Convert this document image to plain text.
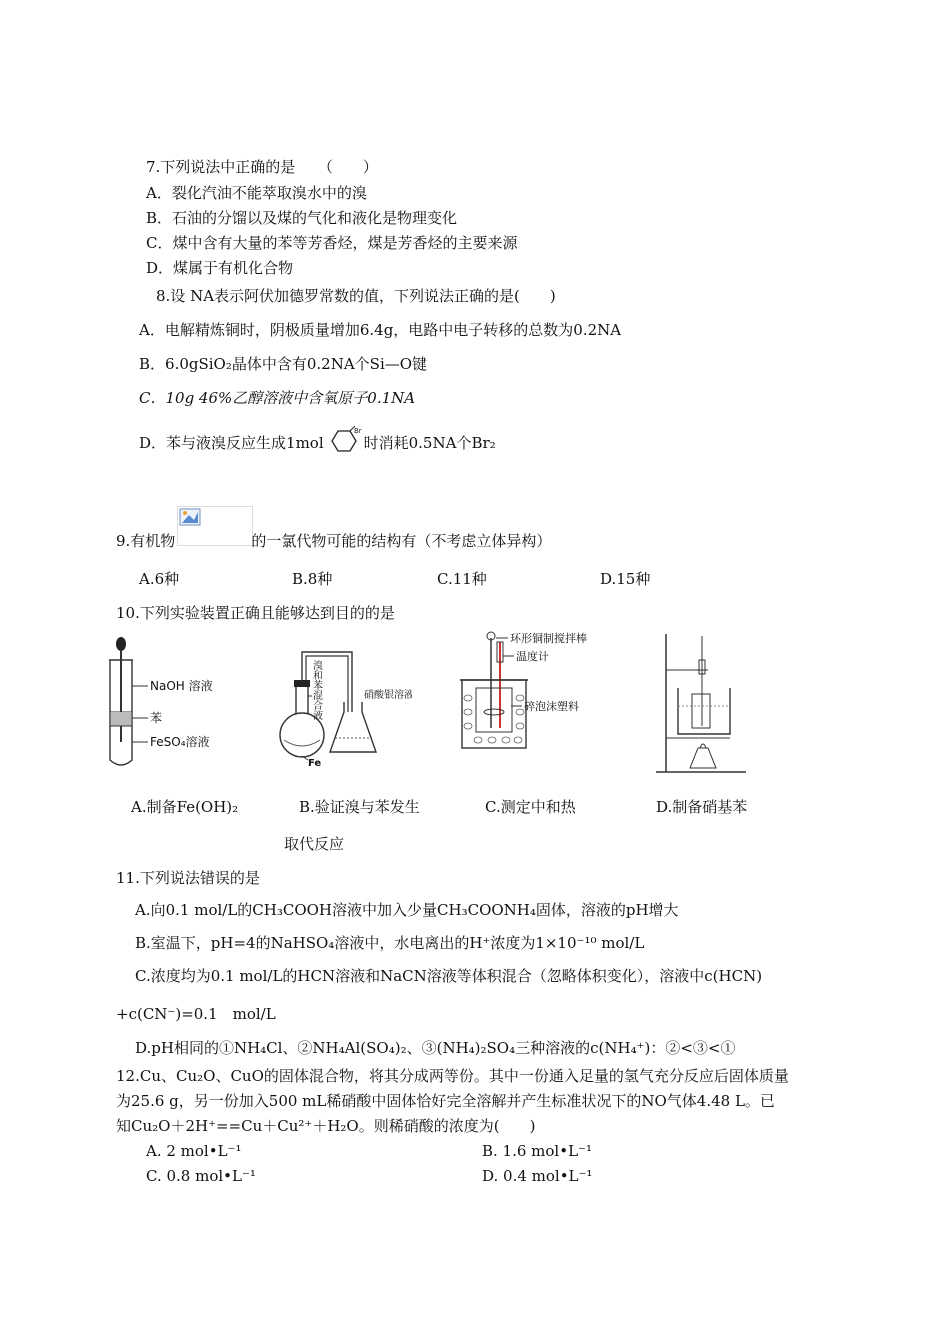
7.下列说法中正确的是　　（　　）
A．裂化汽油不能萃取溴水中的溴
B．石油的分馏以及煤的气化和液化是物理变化
C．煤中含有大量的苯等芳香烃，煤是芳香烃的主要来源
D．煤属于有机化合物
8.设 NA表示阿伏加德罗常数的值，下列说法正确的是(　　)
A．电解精炼铜时，阴极质量增加6.4g，电路中电子转移的总数为0.2NA
B．6.0gSiO₂晶体中含有0.2NA个Si—O键
C．10g 46%乙醇溶液中含氧原子0.1NA
D．苯与液溴反应生成1mol
Br
时消耗0.5NA个Br₂
9.有机物	的一氯代物可能的结构有（不考虑立体异构）
A.6种	B.8种	C.11种	D.15种
10.下列实验装置正确且能够达到目的的是
NaOH 溶液
苯
FeSO₄溶液
溴和苯混合液	硝酸银溶液
Fe
环形铜制搅拌棒
温度计
碎泡沫塑料
A.制备Fe(OH)₂	B.验证溴与苯发生	C.测定中和热	D.制备硝基苯
取代反应
11.下列说法错误的是
A.向0.1 mol/L的CH₃COOH溶液中加入少量CH₃COONH₄固体，溶液的pH增大
B.室温下，pH=4的NaHSO₄溶液中，水电离出的H⁺浓度为1×10⁻¹⁰ mol/L
C.浓度均为0.1 mol/L的HCN溶液和NaCN溶液等体积混合（忽略体积变化），溶液中c(HCN)
+c(CN⁻)=0.1　mol/L
D.pH相同的①NH₄Cl、②NH₄Al(SO₄)₂、③(NH₄)₂SO₄三种溶液的c(NH₄⁺)：②<③<①
12.Cu、Cu₂O、CuO的固体混合物，将其分成两等份。其中一份通入足量的氢气充分反应后固体质量
为25.6 g，另一份加入500 mL稀硝酸中固体恰好完全溶解并产生标准状况下的NO气体4.48 L。已
知Cu₂O＋2H⁺==Cu＋Cu²⁺＋H₂O。则稀硝酸的浓度为(　　)
A. 2 mol•L⁻¹	B. 1.6 mol•L⁻¹
C. 0.8 mol•L⁻¹	D. 0.4 mol•L⁻¹
